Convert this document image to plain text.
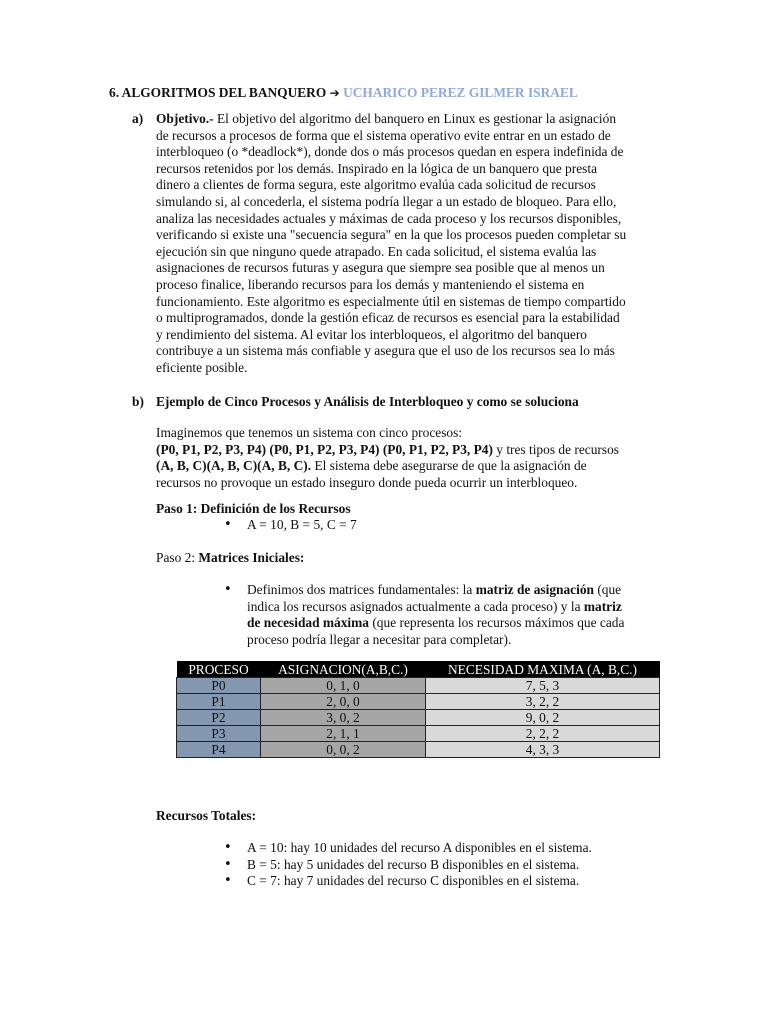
6. ALGORITMOS DEL BANQUERO ➔ UCHARICO PEREZ GILMER ISRAEL
a) Objetivo.- El objetivo del algoritmo del banquero en Linux es gestionar la asignación
de recursos a procesos de forma que el sistema operativo evite entrar en un estado de
interbloqueo (o *deadlock*), donde dos o más procesos quedan en espera indefinida de
recursos retenidos por los demás. Inspirado en la lógica de un banquero que presta
dinero a clientes de forma segura, este algoritmo evalúa cada solicitud de recursos
simulando si, al concederla, el sistema podría llegar a un estado de bloqueo. Para ello,
analiza las necesidades actuales y máximas de cada proceso y los recursos disponibles,
verificando si existe una "secuencia segura" en la que los procesos pueden completar su
ejecución sin que ninguno quede atrapado. En cada solicitud, el sistema evalúa las
asignaciones de recursos futuras y asegura que siempre sea posible que al menos un
proceso finalice, liberando recursos para los demás y manteniendo el sistema en
funcionamiento. Este algoritmo es especialmente útil en sistemas de tiempo compartido
o multiprogramados, donde la gestión eficaz de recursos es esencial para la estabilidad
y rendimiento del sistema. Al evitar los interbloqueos, el algoritmo del banquero
contribuye a un sistema más confiable y asegura que el uso de los recursos sea lo más
eficiente posible.
b) Ejemplo de Cinco Procesos y Análisis de Interbloqueo y como se soluciona
Imaginemos que tenemos un sistema con cinco procesos:
(P0, P1, P2, P3, P4) (P0, P1, P2, P3, P4) (P0, P1, P2, P3, P4) y tres tipos de recursos
(A, B, C)(A, B, C)(A, B, C). El sistema debe asegurarse de que la asignación de
recursos no provoque un estado inseguro donde pueda ocurrir un interbloqueo.
Paso 1: Definición de los Recursos
• A = 10, B = 5, C = 7
Paso 2: Matrices Iniciales:
• Definimos dos matrices fundamentales: la matriz de asignación (que
indica los recursos asignados actualmente a cada proceso) y la matriz
de necesidad máxima (que representa los recursos máximos que cada
proceso podría llegar a necesitar para completar).
PROCESO	ASIGNACION(A,B,C.)	NECESIDAD MAXIMA (A, B,C.)
P0	0, 1, 0	7, 5, 3
P1	2, 0, 0	3, 2, 2
P2	3, 0, 2	9, 0, 2
P3	2, 1, 1	2, 2, 2
P4	0, 0, 2	4, 3, 3
Recursos Totales:
• A = 10: hay 10 unidades del recurso A disponibles en el sistema.
• B = 5: hay 5 unidades del recurso B disponibles en el sistema.
• C = 7: hay 7 unidades del recurso C disponibles en el sistema.
